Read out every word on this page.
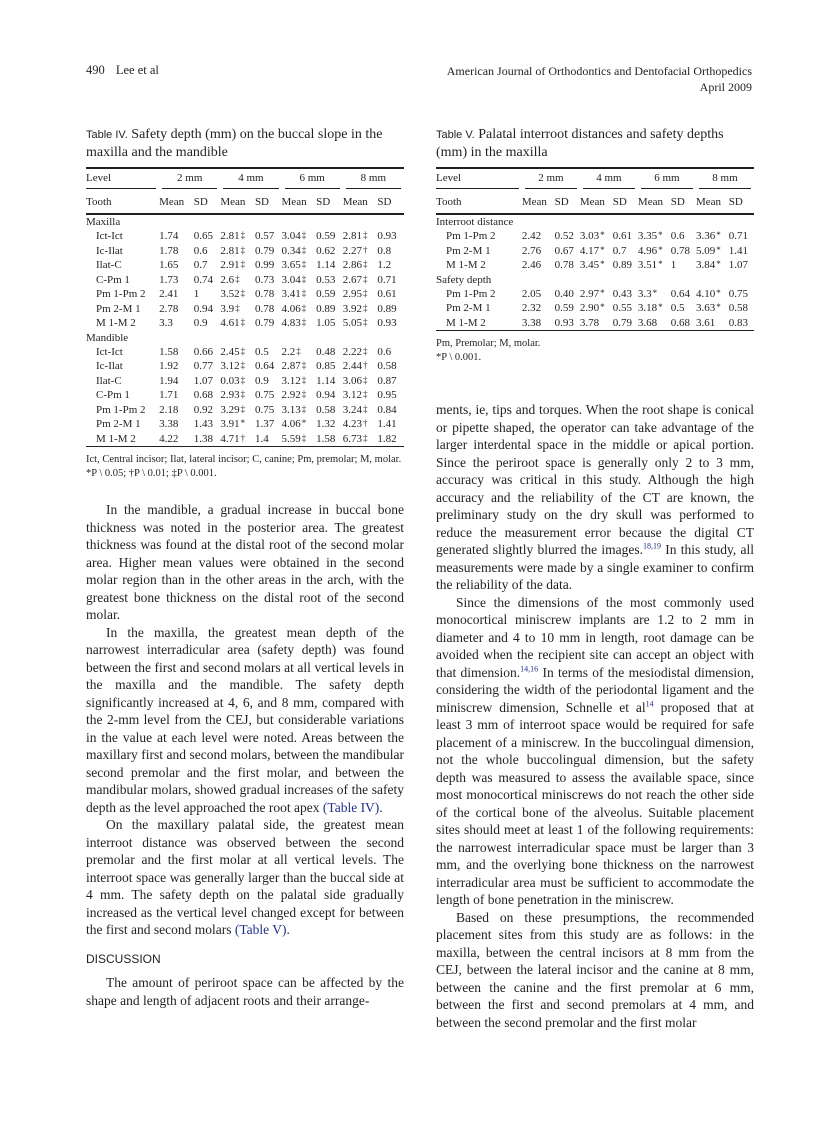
490 Lee et al	American Journal of Orthodontics and Dentofacial Orthopedics
April 2009
Table IV. Safety depth (mm) on the buccal slope in the maxilla and the mandible
Level	2 mm		4 mm		6 mm		8 mm	

Tooth	Mean	SD	Mean	SD	Mean	SD	Mean	SD
Maxilla								
Ict-Ict	1.74	0.65	2.81‡	0.57	3.04‡	0.59	2.81‡	0.93
Ic-Ilat	1.78	0.6	2.81‡	0.79	0.34‡	0.62	2.27†	0.8
Ilat-C	1.65	0.7	2.91‡	0.99	3.65‡	1.14	2.86‡	1.2
C-Pm 1	1.73	0.74	2.6‡	0.73	3.04‡	0.53	2.67‡	0.71
Pm 1-Pm 2	2.41	1	3.52‡	0.78	3.41‡	0.59	2.95‡	0.61
Pm 2-M 1	2.78	0.94	3.9‡	0.78	4.06‡	0.89	3.92‡	0.89
M 1-M 2	3.3	0.9	4.61‡	0.79	4.83‡	1.05	5.05‡	0.93
Mandible								
Ict-Ict	1.58	0.66	2.45‡	0.5	2.2‡	0.48	2.22‡	0.6
Ic-Ilat	1.92	0.77	3.12‡	0.64	2.87‡	0.85	2.44†	0.58
Ilat-C	1.94	1.07	0.03‡	0.9	3.12‡	1.14	3.06‡	0.87
C-Pm 1	1.71	0.68	2.93‡	0.75	2.92‡	0.94	3.12‡	0.95
Pm 1-Pm 2	2.18	0.92	3.29‡	0.75	3.13‡	0.58	3.24‡	0.84
Pm 2-M 1	3.38	1.43	3.91*	1.37	4.06*	1.32	4.23†	1.41
M 1-M 2	4.22	1.38	4.71†	1.4	5.59‡	1.58	6.73‡	1.82

Ict, Central incisor; Ilat, lateral incisor; C, canine; Pm, premolar; M, molar.
*P \ 0.05; †P \ 0.01; ‡P \ 0.001.

In the mandible, a gradual increase in buccal bone thickness was noted in the posterior area. The greatest thickness was found at the distal root of the second molar area. Higher mean values were obtained in the second molar region than in the other areas in the arch, with the greatest bone thickness on the distal root of the second molar.

In the maxilla, the greatest mean depth of the narrowest interradicular area (safety depth) was found between the first and second molars at all vertical levels in the maxilla and the mandible. The safety depth significantly increased at 4, 6, and 8 mm, compared with the 2-mm level from the CEJ, but considerable variations in the value at each level were noted. Areas between the maxillary first and second molars, between the mandibular second premolar and the first molar, and between the mandibular molars, showed gradual increases of the safety depth as the level approached the root apex (Table IV).

On the maxillary palatal side, the greatest mean interroot distance was observed between the second premolar and the first molar at all vertical levels. The interroot space was generally larger than the buccal side at 4 mm. The safety depth on the palatal side gradually increased as the vertical level changed except for between the first and second molars (Table V).

DISCUSSION

The amount of periroot space can be affected by the shape and length of adjacent roots and their arrange-

Table V. Palatal interroot distances and safety depths (mm) in the maxilla
Level	2 mm		4 mm		6 mm		8 mm	

Tooth	Mean	SD	Mean	SD	Mean	SD	Mean	SD
Interroot distance								
Pm 1-Pm 2	2.42	0.52	3.03*	0.61	3.35*	0.6	3.36*	0.71
Pm 2-M 1	2.76	0.67	4.17*	0.7	4.96*	0.78	5.09*	1.41
M 1-M 2	2.46	0.78	3.45*	0.89	3.51*	1	3.84*	1.07
Safety depth								
Pm 1-Pm 2	2.05	0.40	2.97*	0.43	3.3*	0.64	4.10*	0.75
Pm 2-M 1	2.32	0.59	2.90*	0.55	3.18*	0.5	3.63*	0.58
M 1-M 2	3.38	0.93	3.78	0.79	3.68	0.68	3.61	0.83

Pm, Premolar; M, molar.
*P \ 0.001.

ments, ie, tips and torques. When the root shape is conical or pipette shaped, the operator can take advantage of the larger interdental space in the middle or apical portion. Since the periroot space is generally only 2 to 3 mm, accuracy was critical in this study. Although the high accuracy and the reliability of the CT are known, the preliminary study on the dry skull was performed to reduce the measurement error because the digital CT generated slightly blurred the images.$^{18,19}$ In this study, all measurements were made by a single examiner to confirm the reliability of the data.

Since the dimensions of the most commonly used monocortical miniscrew implants are 1.2 to 2 mm in diameter and 4 to 10 mm in length, root damage can be avoided when the recipient site can accept an object with that dimension.$^{14,16}$ In terms of the mesiodistal dimension, considering the width of the periodontal ligament and the miniscrew dimension, Schnelle et $al^{14}$ proposed that at least 3 mm of interroot space would be required for safe placement of a miniscrew. In the buccolingual dimension, not the whole buccolingual dimension, but the safety depth was measured to assess the available space, since most monocortical miniscrews do not reach the other side of the cortical bone of the alveolus. Suitable placement sites should meet at least 1 of the following requirements: the narrowest interradicular space must be larger than 3 mm, and the overlying bone thickness on the narrowest interradicular area must be sufficient to accommodate the length of bone penetration in the miniscrew.

Based on these presumptions, the recommended placement sites from this study are as follows: in the maxilla, between the central incisors at 8 mm from the CEJ, between the lateral incisor and the canine at 8 mm, between the canine and the first premolar at 6 mm, between the first and second premolars at 4 mm, and between the second premolar and the first molar
